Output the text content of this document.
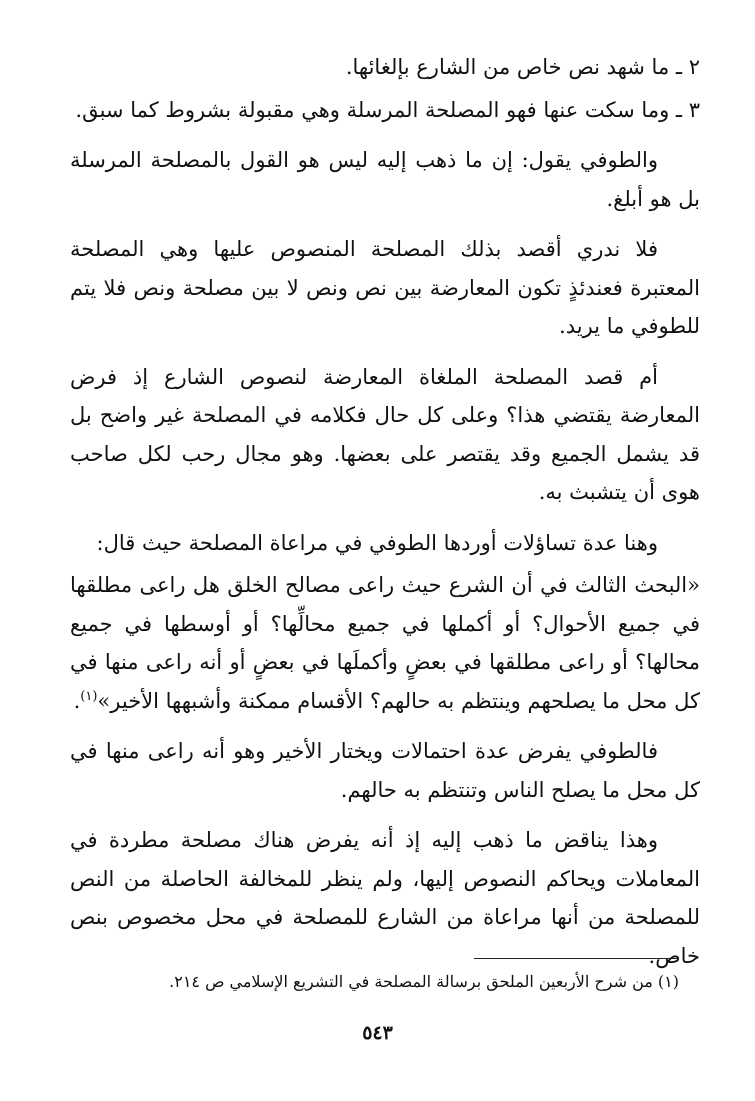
٢ ـ ما شهد نص خاص من الشارع بإلغائها.

٣ ـ وما سكت عنها فهو المصلحة المرسلة وهي مقبولة بشروط كما سبق.

والطوفي يقول: إن ما ذهب إليه ليس هو القول بالمصلحة المرسلة بل هو أبلغ.

فلا ندري أقصد بذلك المصلحة المنصوص عليها وهي المصلحة المعتبرة فعندئذٍ تكون المعارضة بين نص ونص لا بين مصلحة ونص فلا يتم للطوفي ما يريد.

أم قصد المصلحة الملغاة المعارضة لنصوص الشارع إذ فرض المعارضة يقتضي هذا؟ وعلى كل حال فكلامه في المصلحة غير واضح بل قد يشمل الجميع وقد يقتصر على بعضها. وهو مجال رحب لكل صاحب هوى أن يتشبث به.

وهنا عدة تساؤلات أوردها الطوفي في مراعاة المصلحة حيث قال:

«البحث الثالث في أن الشرع حيث راعى مصالح الخلق هل راعى مطلقها في جميع الأحوال؟ أو أكملها في جميع محالِّها؟ أو أوسطها في جميع محالها؟ أو راعى مطلقها في بعضٍ وأكملَها في بعضٍ أو أنه راعى منها في كل محل ما يصلحهم وينتظم به حالهم؟ الأقسام ممكنة وأشبهها الأخير»$^{(١)}$.

فالطوفي يفرض عدة احتمالات ويختار الأخير وهو أنه راعى منها في كل محل ما يصلح الناس وتنتظم به حالهم.

وهذا يناقض ما ذهب إليه إذ أنه يفرض هناك مصلحة مطردة في المعاملات ويحاكم النصوص إليها، ولم ينظر للمخالفة الحاصلة من النص للمصلحة من أنها مراعاة من الشارع للمصلحة في محل مخصوص بنص خاص.

(١) من شرح الأربعين الملحق برسالة المصلحة في التشريع الإسلامي ص ٢١٤.
٥٤٣
